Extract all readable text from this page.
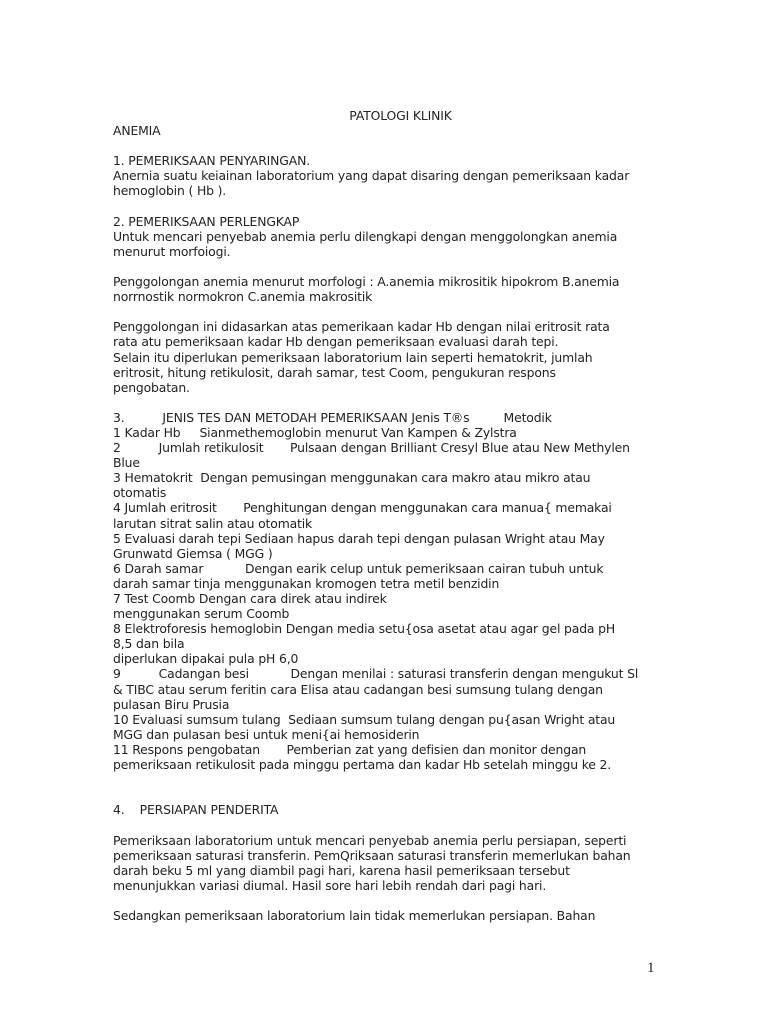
PATOLOGI KLINIK
ANEMIA
1. PEMERIKSAAN PENYARINGAN.
Anernia suatu keiainan laboratorium yang dapat disaring dengan pemeriksaan kadar
hemoglobin ( Hb ).
2. PEMERIKSAAN PERLENGKAP
Untuk mencari penyebab anemia perlu dilengkapi dengan menggolongkan anemia
menurut morfoiogi.
Penggolongan anemia menurut morfologi : A.anemia mikrositik hipokrom B.anemia
norrnostik normokron C.anemia makrositik
Penggolongan ini didasarkan atas pemerikaan kadar Hb dengan nilai eritrosit rata
rata atu pemeriksaan kadar Hb dengan pemeriksaan evaluasi darah tepi.
Selain itu diperlukan pemeriksaan laboratorium lain seperti hematokrit, jumlah
eritrosit, hitung retikulosit, darah samar, test Coom, pengukuran respons
pengobatan.
3.          JENIS TES DAN METODAH PEMERIKSAAN Jenis T®s         Metodik
1 Kadar Hb     Sianmethemoglobin menurut Van Kampen & Zylstra
2          Jumlah retikulosit       Pulsaan dengan Brilliant Cresyl Blue atau New Methylen
Blue
3 Hematokrit  Dengan pemusingan menggunakan cara makro atau mikro atau
otomatis
4 Jumlah eritrosit       Penghitungan dengan menggunakan cara manua{ memakai
larutan sitrat salin atau otomatik
5 Evaluasi darah tepi Sediaan hapus darah tepi dengan pulasan Wright atau May
Grunwatd Giemsa ( MGG )
6 Darah samar           Dengan earik celup untuk pemeriksaan cairan tubuh untuk
darah samar tinja menggunakan kromogen tetra metil benzidin
7 Test Coomb Dengan cara direk atau indirek
menggunakan serum Coomb
8 Elektroforesis hemoglobin Dengan media setu{osa asetat atau agar gel pada pH
8,5 dan bila
diperlukan dipakai pula pH 6,0
9          Cadangan besi           Dengan menilai : saturasi transferin dengan mengukut Sl
& TIBC atau serum feritin cara Elisa atau cadangan besi sumsung tulang dengan
pulasan Biru Prusia
10 Evaluasi sumsum tulang  Sediaan sumsum tulang dengan pu{asan Wright atau
MGG dan pulasan besi untuk meni{ai hemosiderin
11 Respons pengobatan       Pemberian zat yang defisien dan monitor dengan
pemeriksaan retikulosit pada minggu pertama dan kadar Hb setelah minggu ke 2.
4.    PERSIAPAN PENDERITA
Pemeriksaan laboratorium untuk mencari penyebab anemia perlu persiapan, seperti
pemeriksaan saturasi transferin. PemQriksaan saturasi transferin memerlukan bahan
darah beku 5 ml yang diambil pagi hari, karena hasil pemeriksaan tersebut
menunjukkan variasi diumal. Hasil sore hari lebih rendah dari pagi hari.
Sedangkan pemeriksaan laboratorium lain tidak memerlukan persiapan. Bahan
1
